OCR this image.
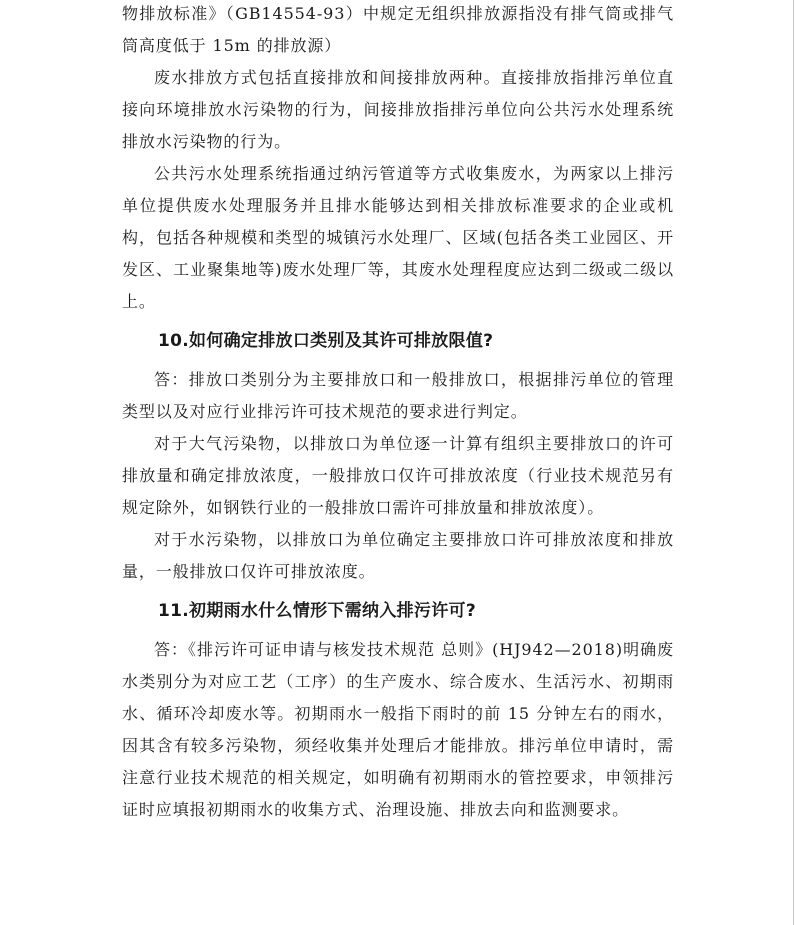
物排放标准》（GB14554-93）中规定无组织排放源指没有排气筒或排气筒高度低于 15m 的排放源）

废水排放方式包括直接排放和间接排放两种。直接排放指排污单位直接向环境排放水污染物的行为，间接排放指排污单位向公共污水处理系统排放水污染物的行为。

公共污水处理系统指通过纳污管道等方式收集废水，为两家以上排污单位提供废水处理服务并且排水能够达到相关排放标准要求的企业或机构，包括各种规模和类型的城镇污水处理厂、区域(包括各类工业园区、开发区、工业聚集地等)废水处理厂等，其废水处理程度应达到二级或二级以上。

10.如何确定排放口类别及其许可排放限值?

答：排放口类别分为主要排放口和一般排放口，根据排污单位的管理类型以及对应行业排污许可技术规范的要求进行判定。

对于大气污染物，以排放口为单位逐一计算有组织主要排放口的许可排放量和确定排放浓度，一般排放口仅许可排放浓度（行业技术规范另有规定除外，如钢铁行业的一般排放口需许可排放量和排放浓度）。

对于水污染物，以排放口为单位确定主要排放口许可排放浓度和排放量，一般排放口仅许可排放浓度。

11.初期雨水什么情形下需纳入排污许可?

答：《排污许可证申请与核发技术规范 总则》(HJ942—2018)明确废水类别分为对应工艺（工序）的生产废水、综合废水、生活污水、初期雨水、循环冷却废水等。初期雨水一般指下雨时的前 15 分钟左右的雨水，因其含有较多污染物，须经收集并处理后才能排放。排污单位申请时，需注意行业技术规范的相关规定，如明确有初期雨水的管控要求，申领排污证时应填报初期雨水的收集方式、治理设施、排放去向和监测要求。
